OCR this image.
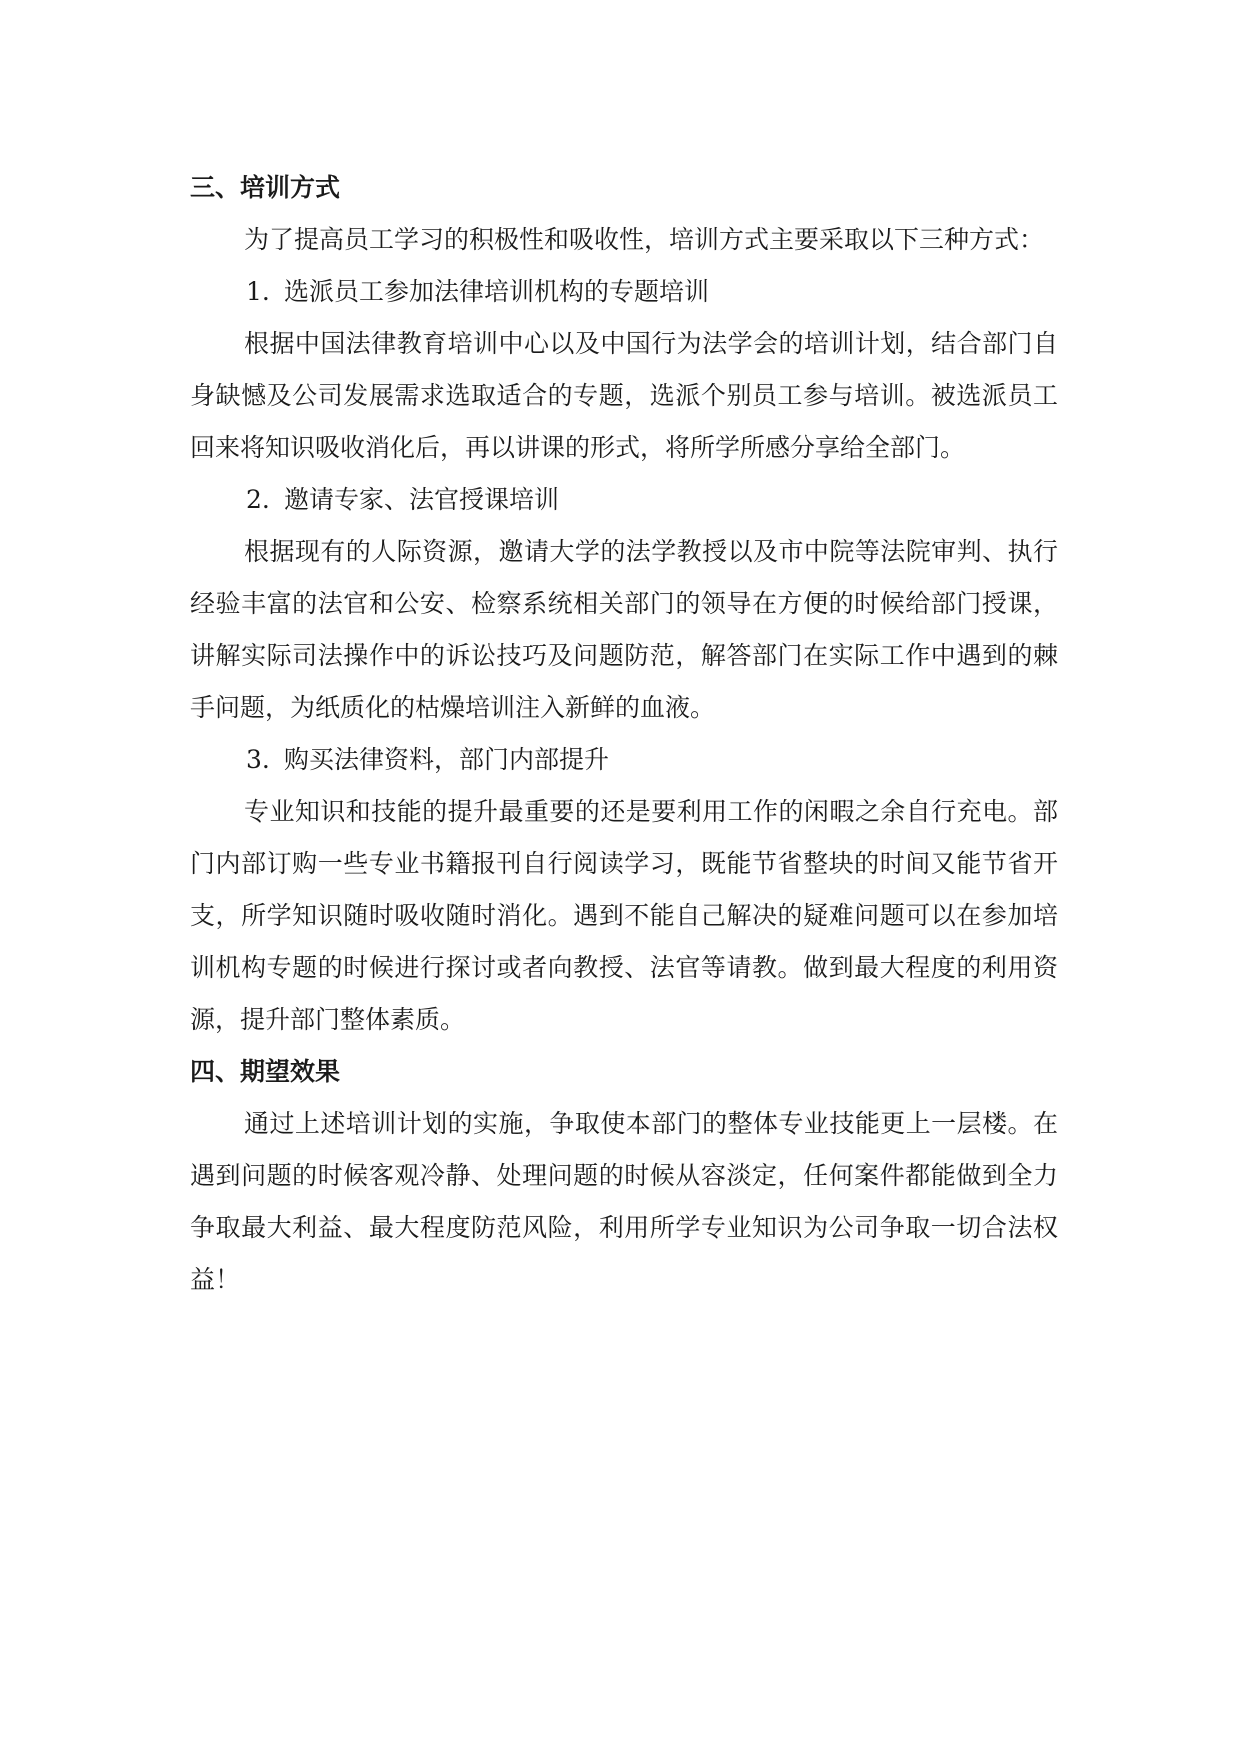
三、培训方式

为了提高员工学习的积极性和吸收性，培训方式主要采取以下三种方式：

1. 选派员工参加法律培训机构的专题培训

根据中国法律教育培训中心以及中国行为法学会的培训计划，结合部门自身缺憾及公司发展需求选取适合的专题，选派个别员工参与培训。被选派员工回来将知识吸收消化后，再以讲课的形式，将所学所感分享给全部门。

2. 邀请专家、法官授课培训

根据现有的人际资源，邀请大学的法学教授以及市中院等法院审判、执行经验丰富的法官和公安、检察系统相关部门的领导在方便的时候给部门授课，讲解实际司法操作中的诉讼技巧及问题防范，解答部门在实际工作中遇到的棘手问题，为纸质化的枯燥培训注入新鲜的血液。

3. 购买法律资料，部门内部提升

专业知识和技能的提升最重要的还是要利用工作的闲暇之余自行充电。部门内部订购一些专业书籍报刊自行阅读学习，既能节省整块的时间又能节省开支，所学知识随时吸收随时消化。遇到不能自己解决的疑难问题可以在参加培训机构专题的时候进行探讨或者向教授、法官等请教。做到最大程度的利用资源，提升部门整体素质。

四、期望效果

通过上述培训计划的实施，争取使本部门的整体专业技能更上一层楼。在遇到问题的时候客观冷静、处理问题的时候从容淡定，任何案件都能做到全力争取最大利益、最大程度防范风险，利用所学专业知识为公司争取一切合法权益！
